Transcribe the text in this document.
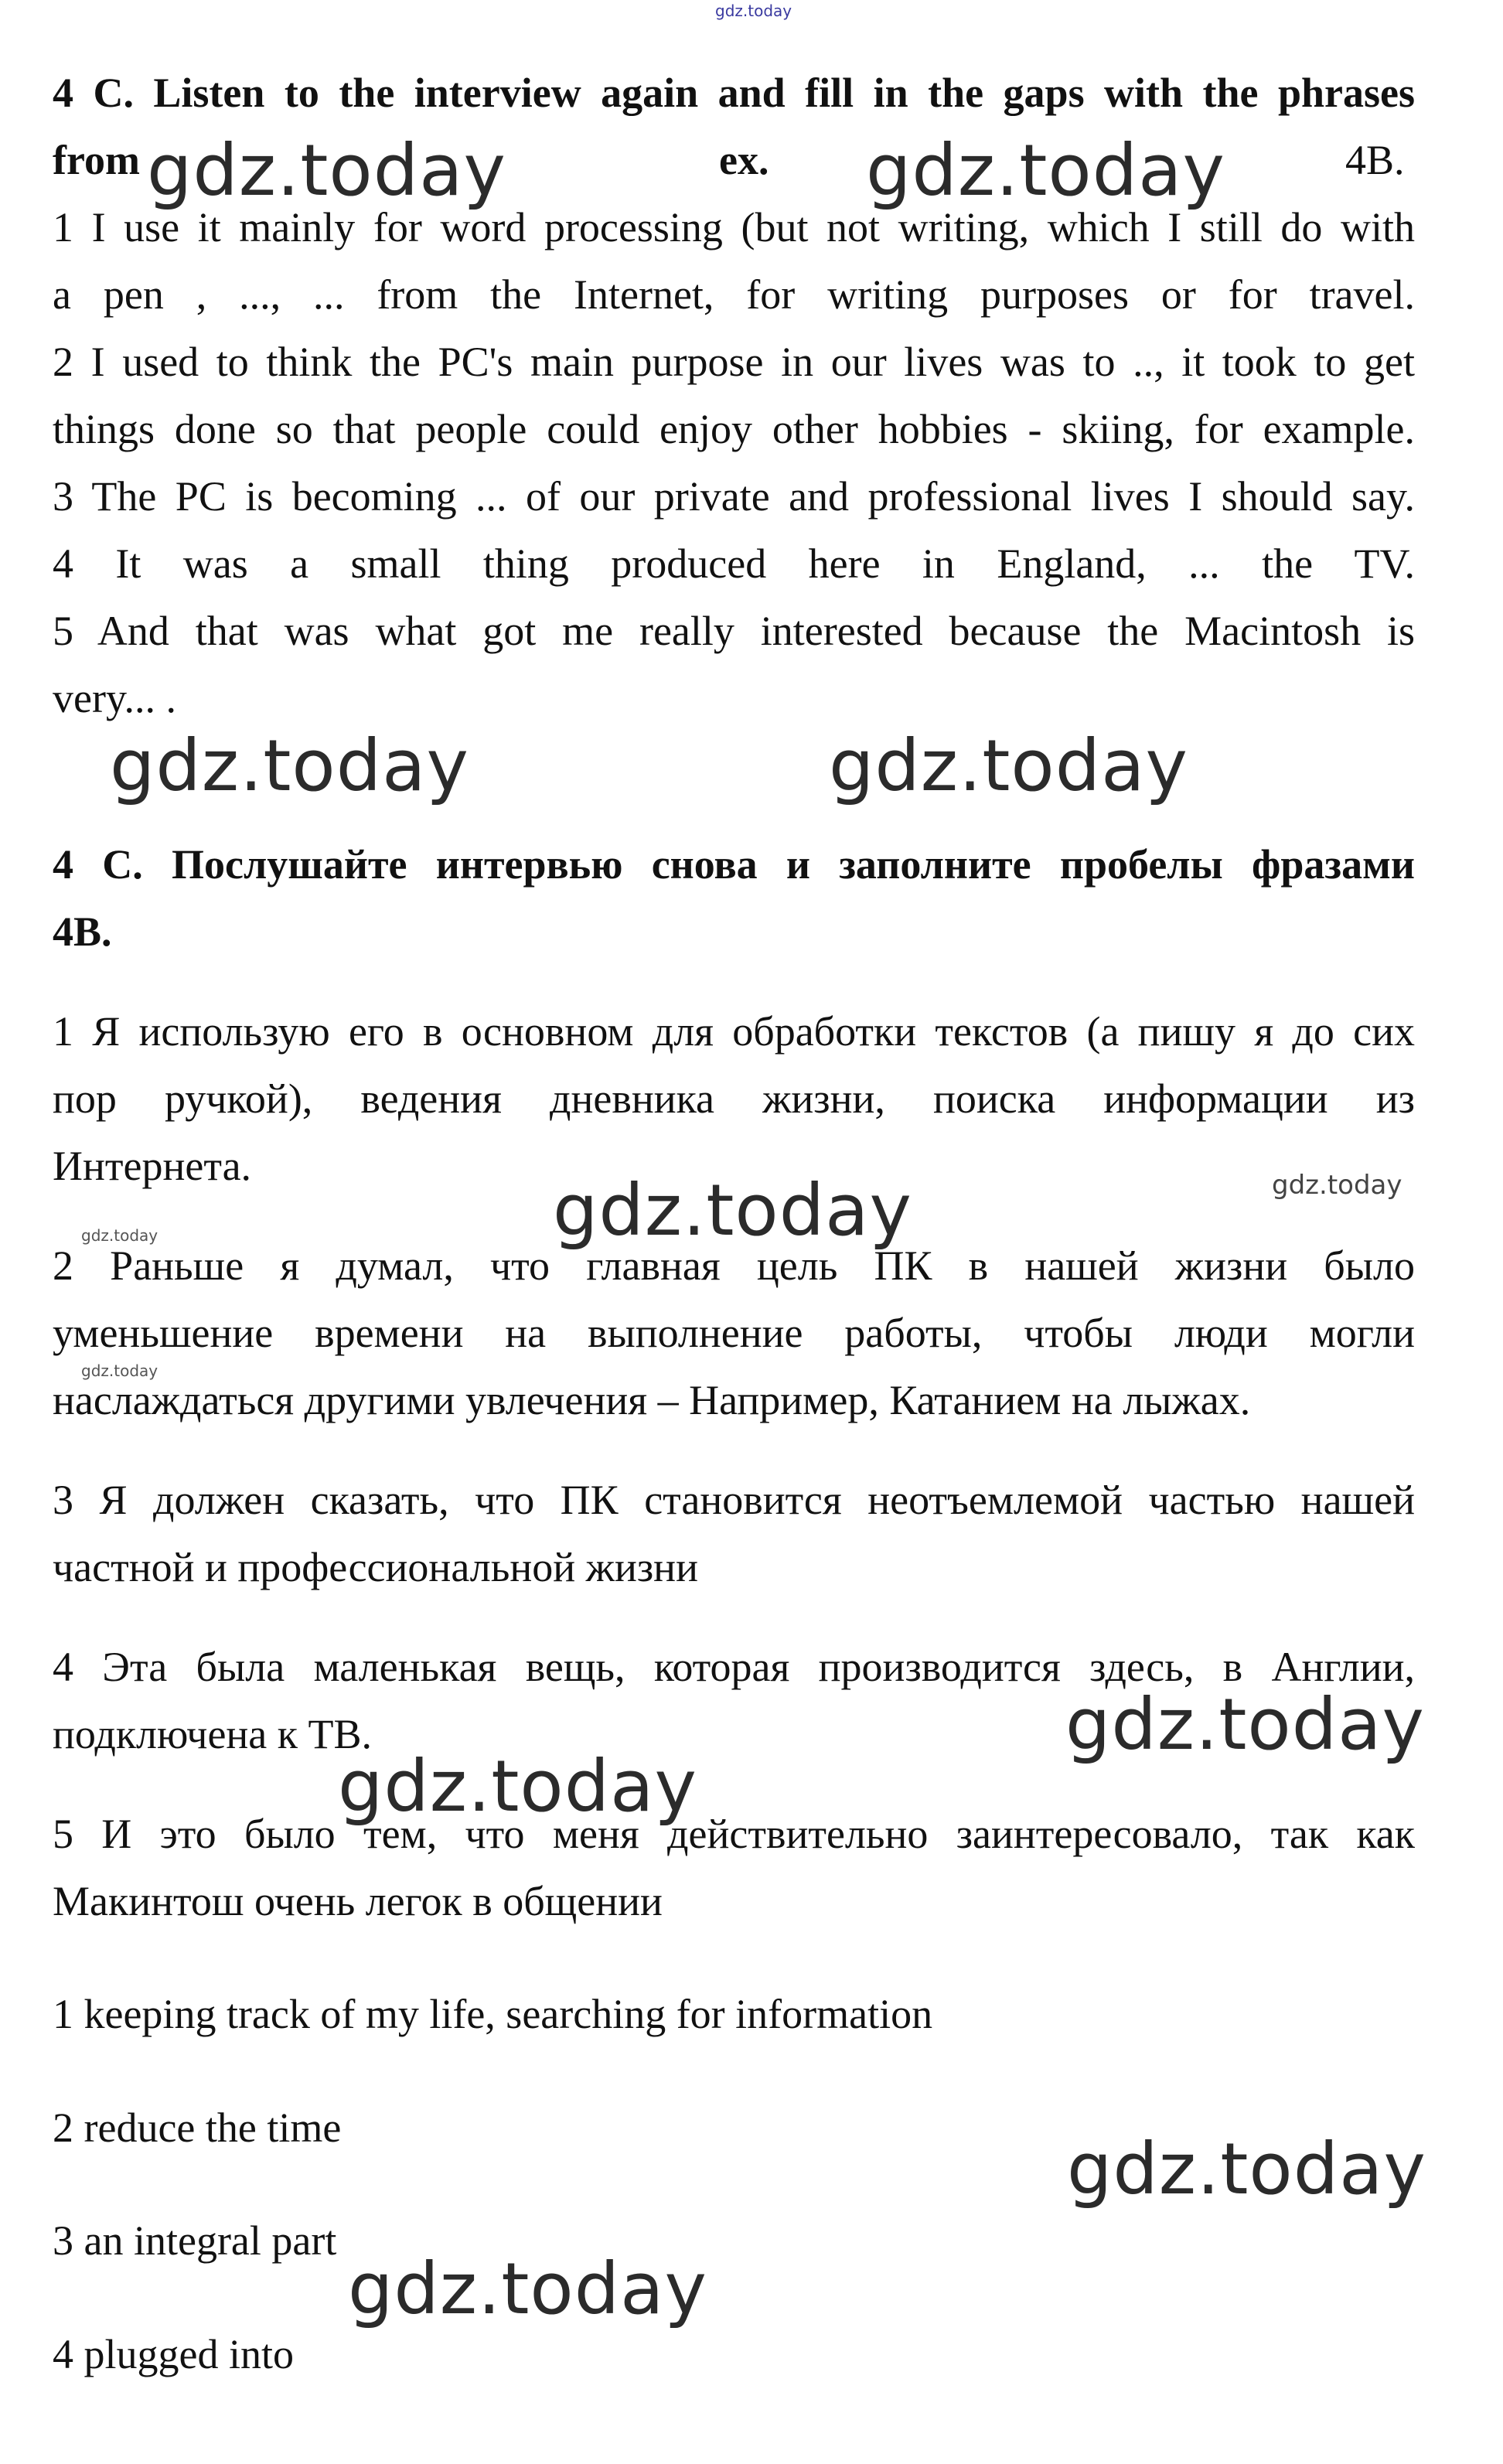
gdz.today
4 C. Listen to the interview again and fill in the gaps with the phrases
from	ex.	4B.
1 I use it mainly for word processing (but not writing, which I still do with
a pen , ..., ... from the Internet, for writing purposes or for travel.
2 I used to think the PC's main purpose in our lives was to .., it took to get
things done so that people could enjoy other hobbies - skiing, for example.
3 The PC is becoming ... of our private and professional lives I should say.
4 It was a small thing produced here in England, ... the TV.
5 And that was what got me really interested because the Macintosh is
very... .
4 C. Послушайте интервью снова и заполните пробелы фразами
4B.
1 Я использую его в основном для обработки текстов (а пишу я до сих
пор ручкой), ведения дневника жизни, поиска информации из
Интернета.
2 Раньше я думал, что главная цель ПК в нашей жизни было
уменьшение времени на выполнение работы, чтобы люди могли
наслаждаться другими увлечения – Например, Катанием на лыжах.
3 Я должен сказать, что ПК становится неотъемлемой частью нашей
частной и профессиональной жизни
4 Эта была маленькая вещь, которая производится здесь, в Англии,
подключена к ТВ.
5 И это было тем, что меня действительно заинтересовало, так как
Макинтош очень легок в общении
1 keeping track of my life, searching for information
2 reduce the time
3 an integral part
4 plugged into
gdz.today	gdz.today
gdz.today	gdz.today
gdz.today
gdz.today
gdz.today
gdz.today
gdz.today
gdz.today
gdz.today
gdz.today
